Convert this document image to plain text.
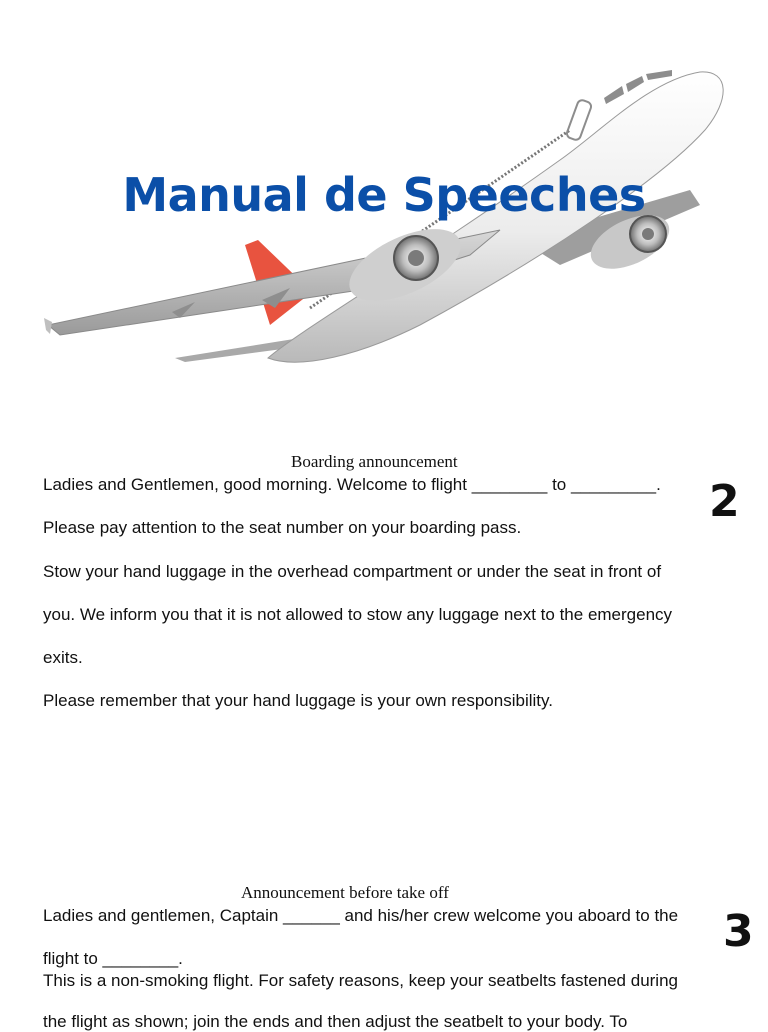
Manual de Speeches
Boarding announcement
2
Ladies and Gentlemen, good morning. Welcome to flight ________ to _________.
Please pay attention to the seat number on your boarding pass.
Stow your hand luggage in the overhead compartment or under the seat in front of
you. We inform you that it is not allowed to stow any luggage next to the emergency
exits.
Please remember that your hand luggage is your own responsibility.
Announcement before take off
3
Ladies and gentlemen, Captain ______ and his/her crew welcome you aboard to the
flight to ________.
This is a non-smoking flight. For safety reasons, keep your seatbelts fastened during
the flight as shown; join the ends and then adjust the seatbelt to your body. To
